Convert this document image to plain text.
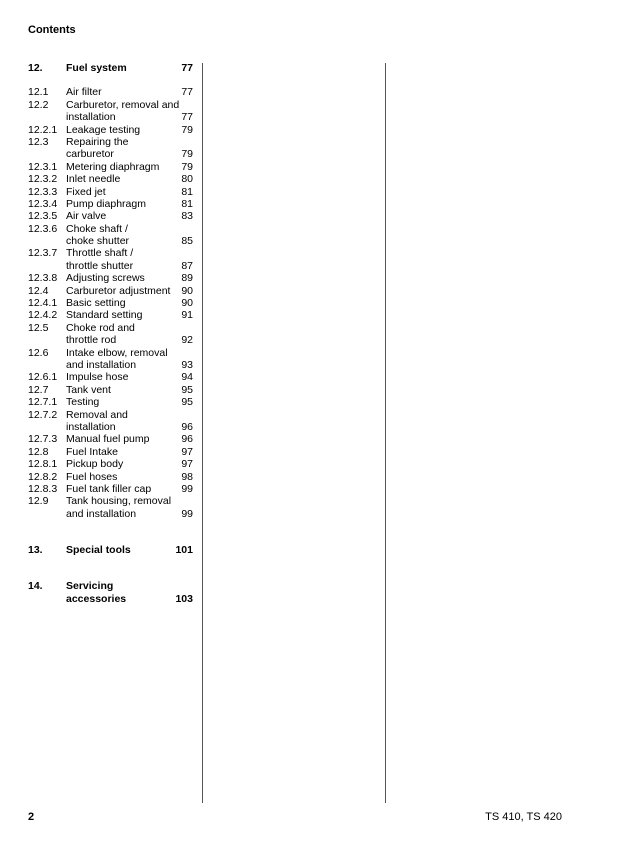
Contents
12.	Fuel system	77
12.1	Air filter	77
12.2	Carburetor, removal and
installation	77
12.2.1 Leakage testing	79
12.3	Repairing the
carburetor	79
12.3.1 Metering diaphragm	79
12.3.2 Inlet needle	80
12.3.3 Fixed jet	81
12.3.4 Pump diaphragm	81
12.3.5 Air valve	83
12.3.6 Choke shaft /
choke shutter	85
12.3.7 Throttle shaft /
throttle shutter	87
12.3.8 Adjusting screws	89
12.4	Carburetor adjustment	90
12.4.1 Basic setting	90
12.4.2 Standard setting	91
12.5	Choke rod and
throttle rod	92
12.6	Intake elbow, removal
and installation	93
12.6.1 Impulse hose	94
12.7	Tank vent	95
12.7.1 Testing	95
12.7.2 Removal and
installation	96
12.7.3 Manual fuel pump	96
12.8	Fuel Intake	97
12.8.1 Pickup body	97
12.8.2 Fuel hoses	98
12.8.3 Fuel tank filler cap	99
12.9	Tank housing, removal
and installation	99
13.	Special tools	101
14.	Servicing
accessories	103
2	TS 410, TS 420
